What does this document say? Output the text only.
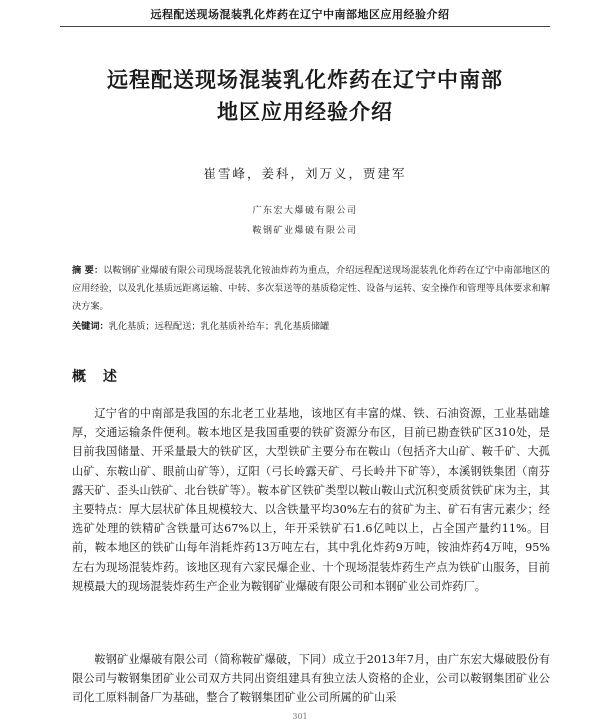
远程配送现场混装乳化炸药在辽宁中南部地区应用经验介绍
远程配送现场混装乳化炸药在辽宁中南部
地区应用经验介绍
崔雪峰，姜科，刘万义，贾建军
广东宏大爆破有限公司
鞍钢矿业爆破有限公司
摘 要：以鞍钢矿业爆破有限公司现场混装乳化铵油炸药为重点，介绍远程配送现场混装乳化炸药在辽宁中南部地区的应用经验，以及乳化基质远距离运输、中转、多次泵送等的基质稳定性、设备与运转、安全操作和管理等具体要求和解决方案。
关键词：乳化基质；远程配送；乳化基质补给车；乳化基质储罐
概 述
辽宁省的中南部是我国的东北老工业基地，该地区有丰富的煤、铁、石油资源，工业基础雄厚，交通运输条件便利。鞍本地区是我国重要的铁矿资源分布区，目前已勘查铁矿区310处，是目前我国储量、开采量最大的铁矿区，大型铁矿主要分布在鞍山（包括齐大山矿、鞍千矿、大孤山矿、东鞍山矿、眼前山矿等），辽阳（弓长岭露天矿、弓长岭井下矿等），本溪钢铁集团（南芬露天矿、歪头山铁矿、北台铁矿等）。鞍本矿区铁矿类型以鞍山鞍山式沉积变质贫铁矿床为主，其主要特点：厚大层状矿体且规模较大、以含铁量平均30%左右的贫矿为主、矿石有害元素少；经选矿处理的铁精矿含铁量可达67%以上，年开采铁矿石1.6亿吨以上，占全国产量约11%。目前，鞍本地区的铁矿山每年消耗炸药13万吨左右，其中乳化炸药9万吨，铵油炸药4万吨，95%左右为现场混装炸药。该地区现有六家民爆企业、十个现场混装炸药生产点为铁矿山服务，目前规模最大的现场混装炸药生产企业为鞍钢矿业爆破有限公司和本钢矿业公司炸药厂。
鞍钢矿业爆破有限公司（简称鞍矿爆破，下同）成立于2013年7月，由广东宏大爆破股份有限公司与鞍钢集团矿业公司双方共同出资组建具有独立法人资格的企业，公司以鞍钢集团矿业公司化工原料制备厂为基础，整合了鞍钢集团矿业公司所属的矿山采
301
